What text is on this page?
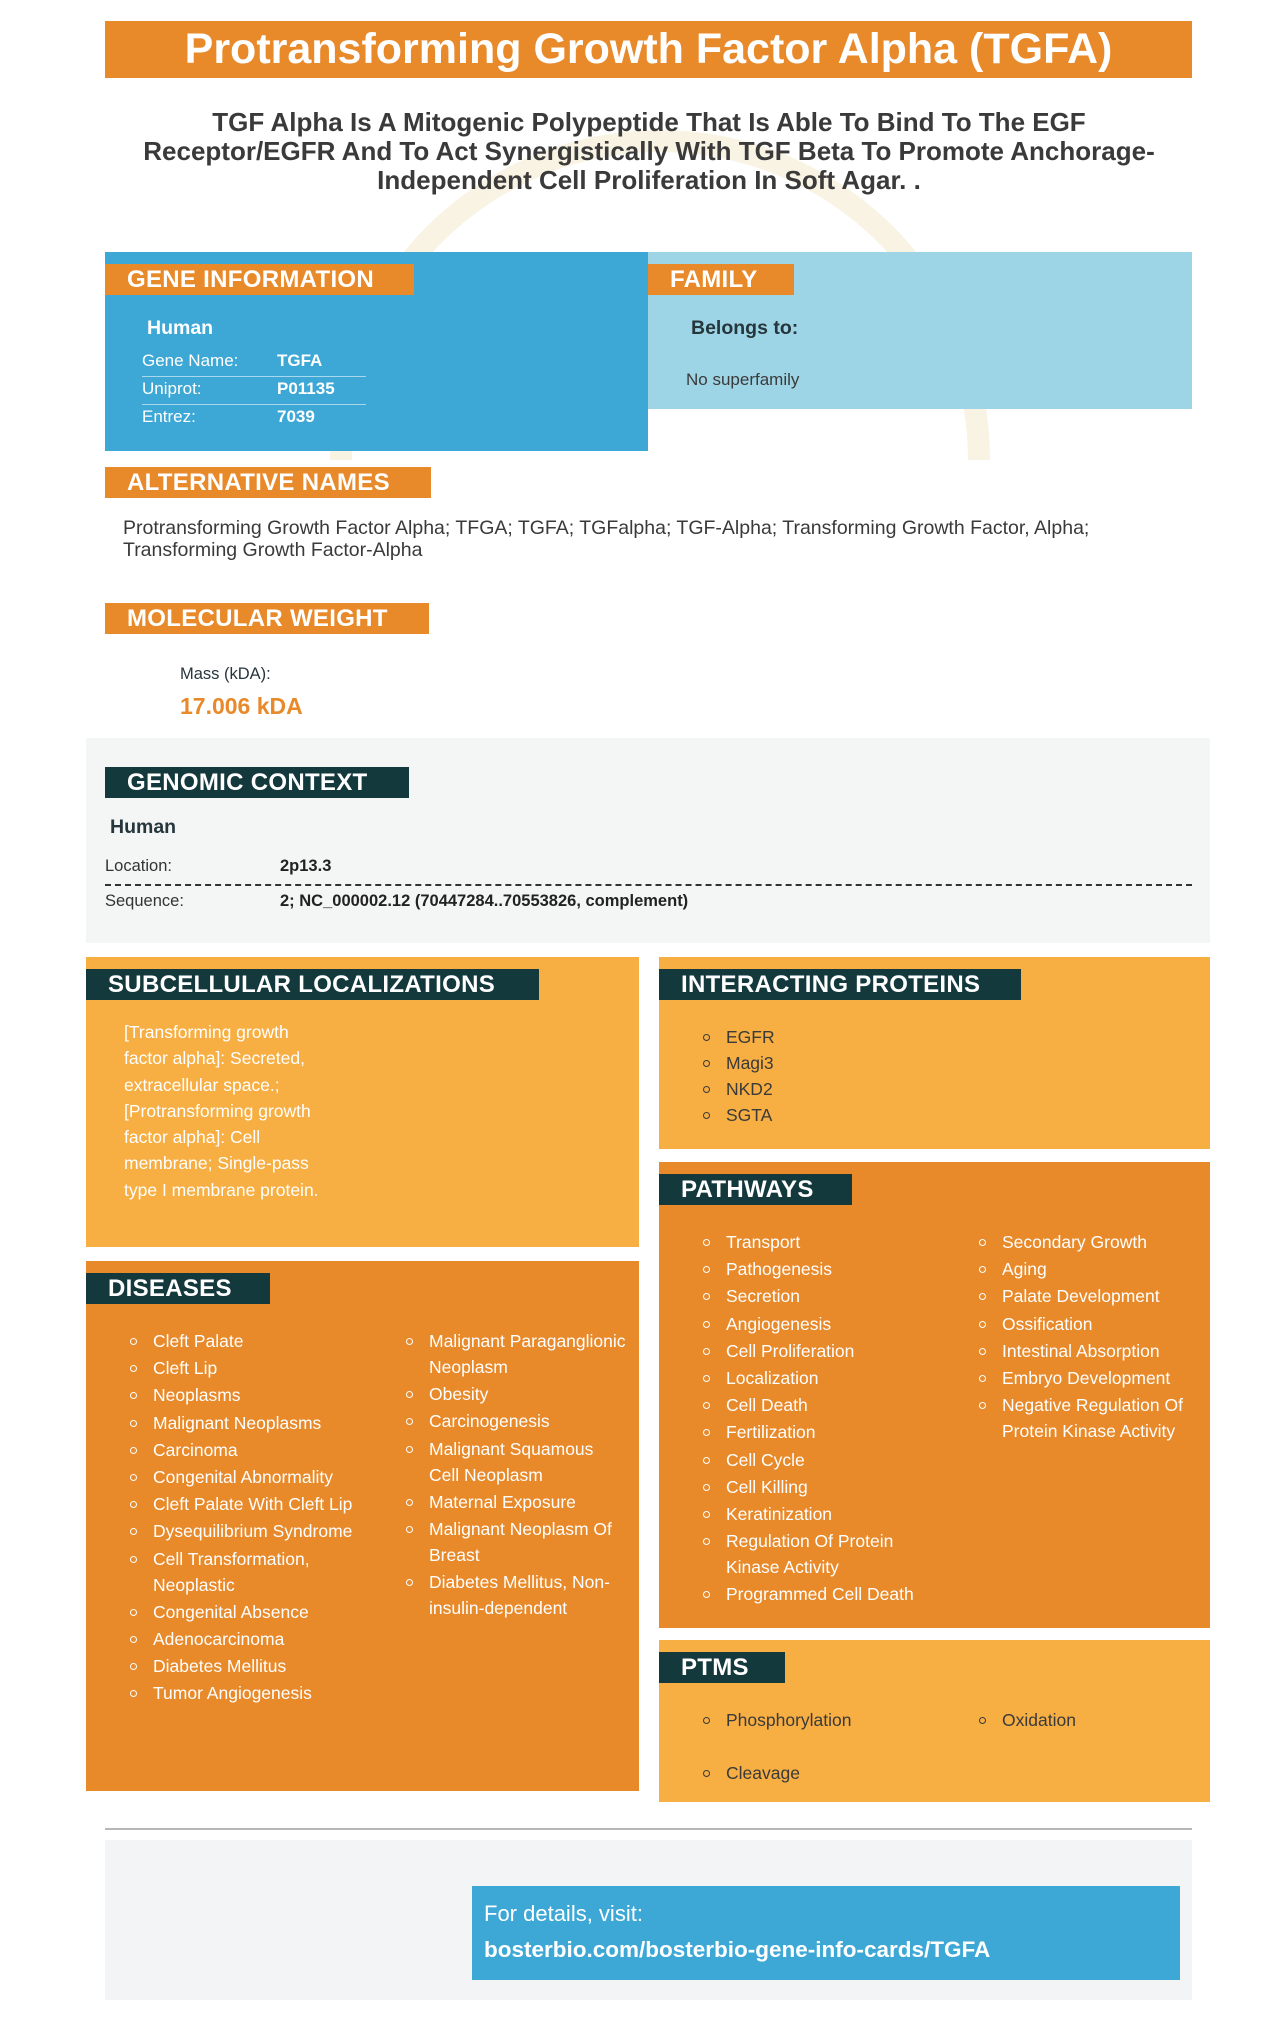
Protransforming Growth Factor Alpha (TGFA)
TGF Alpha Is A Mitogenic Polypeptide That Is Able To Bind To The EGF Receptor/EGFR And To Act Synergistically With TGF Beta To Promote Anchorage-Independent Cell Proliferation In Soft Agar. .
GENE INFORMATION
Human
Gene Name: TGFA
Uniprot:	P01135
Entrez:	7039
FAMILY
Belongs to:
No superfamily
ALTERNATIVE NAMES
Protransforming Growth Factor Alpha; TFGA; TGFA; TGFalpha; TGF-Alpha; Transforming Growth Factor, Alpha; Transforming Growth Factor-Alpha
MOLECULAR WEIGHT
Mass (kDA):
17.006 kDA
GENOMIC CONTEXT
Human
Location:	2p13.3
Sequence:	2; NC_000002.12 (70447284..70553826, complement)
SUBCELLULAR LOCALIZATIONS
[Transforming growth
factor alpha]: Secreted,
extracellular space.;
[Protransforming growth
factor alpha]: Cell
membrane; Single-pass
type I membrane protein.
INTERACTING PROTEINS
EGFR
Magi3
NKD2
SGTA
DISEASES
Cleft Palate
Cleft Lip
Neoplasms
Malignant Neoplasms
Carcinoma
Congenital Abnormality
Cleft Palate With Cleft Lip
Dysequilibrium Syndrome
Cell Transformation, Neoplastic
Congenital Absence
Adenocarcinoma
Diabetes Mellitus
Tumor Angiogenesis
Malignant Paraganglionic Neoplasm
Obesity
Carcinogenesis
Malignant Squamous Cell Neoplasm
Maternal Exposure
Malignant Neoplasm Of Breast
Diabetes Mellitus, Non-insulin-dependent
PATHWAYS
Transport
Pathogenesis
Secretion
Angiogenesis
Cell Proliferation
Localization
Cell Death
Fertilization
Cell Cycle
Cell Killing
Keratinization
Regulation Of Protein Kinase Activity
Programmed Cell Death
Secondary Growth
Aging
Palate Development
Ossification
Intestinal Absorption
Embryo Development
Negative Regulation Of Protein Kinase Activity
PTMS
Phosphorylation
Cleavage
Oxidation
For details, visit:
bosterbio.com/bosterbio-gene-info-cards/TGFA
